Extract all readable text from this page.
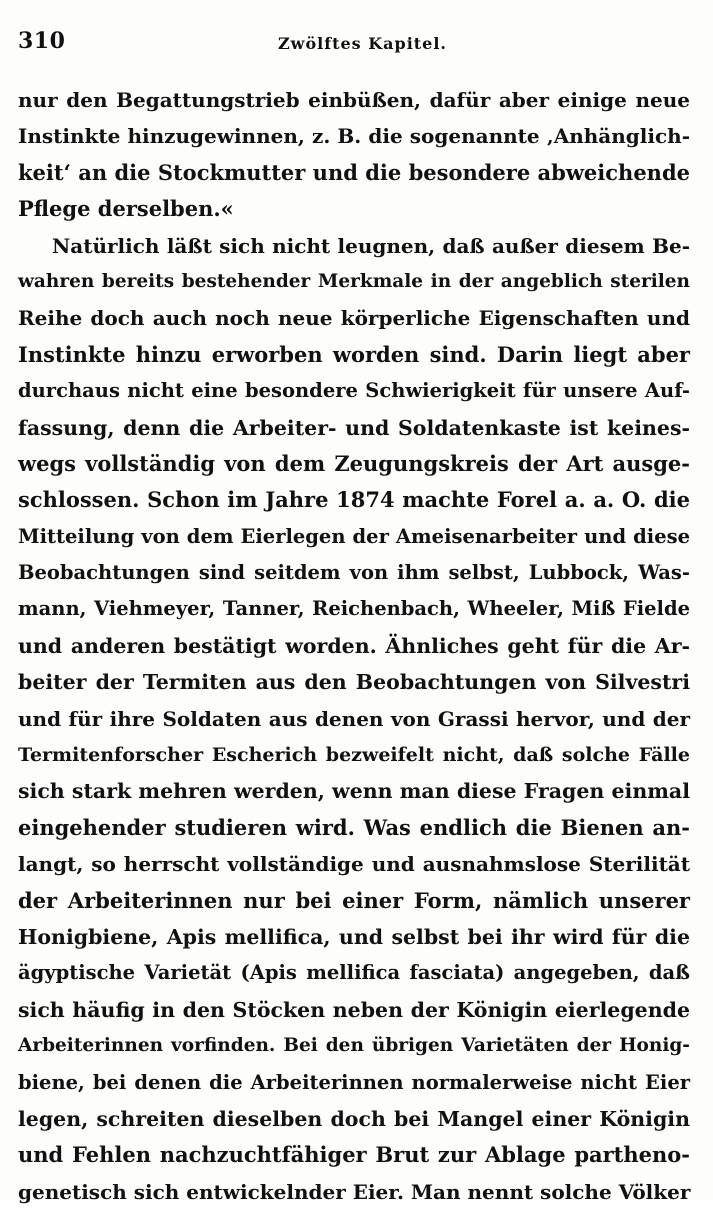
310	Zwölftes Kapitel.
nur den Begattungstrieb einbüßen, dafür aber einige neue
Instinkte hinzugewinnen, z. B. die sogenannte ‚Anhänglich-
keit‘ an die Stockmutter und die besondere abweichende
Pflege derselben.«
Natürlich läßt sich nicht leugnen, daß außer diesem Be-
wahren bereits bestehender Merkmale in der angeblich sterilen
Reihe doch auch noch neue körperliche Eigenschaften und
Instinkte hinzu erworben worden sind. Darin liegt aber
durchaus nicht eine besondere Schwierigkeit für unsere Auf-
fassung, denn die Arbeiter- und Soldatenkaste ist keines-
wegs vollständig von dem Zeugungskreis der Art ausge-
schlossen. Schon im Jahre 1874 machte Forel a. a. O. die
Mitteilung von dem Eierlegen der Ameisenarbeiter und diese
Beobachtungen sind seitdem von ihm selbst, Lubbock, Was-
mann, Viehmeyer, Tanner, Reichenbach, Wheeler, Miß Fielde
und anderen bestätigt worden. Ähnliches geht für die Ar-
beiter der Termiten aus den Beobachtungen von Silvestri
und für ihre Soldaten aus denen von Grassi hervor, und der
Termitenforscher Escherich bezweifelt nicht, daß solche Fälle
sich stark mehren werden, wenn man diese Fragen einmal
eingehender studieren wird. Was endlich die Bienen an-
langt, so herrscht vollständige und ausnahmslose Sterilität
der Arbeiterinnen nur bei einer Form, nämlich unserer
Honigbiene, Apis mellifica, und selbst bei ihr wird für die
ägyptische Varietät (Apis mellifica fasciata) angegeben, daß
sich häufig in den Stöcken neben der Königin eierlegende
Arbeiterinnen vorfinden. Bei den übrigen Varietäten der Honig-
biene, bei denen die Arbeiterinnen normalerweise nicht Eier
legen, schreiten dieselben doch bei Mangel einer Königin
und Fehlen nachzuchtfähiger Brut zur Ablage partheno-
genetisch sich entwickelnder Eier. Man nennt solche Völker
